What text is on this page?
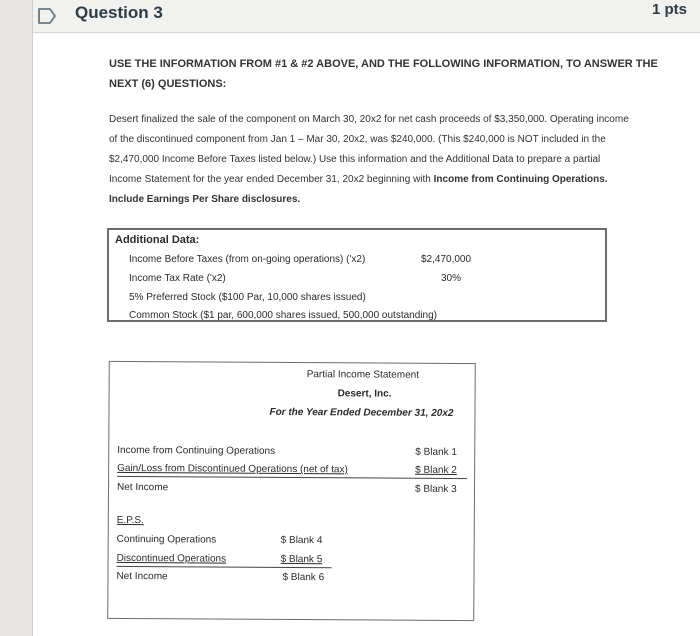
Question 3	1 pts
USE THE INFORMATION FROM #1 & #2 ABOVE, AND THE FOLLOWING INFORMATION, TO ANSWER THE NEXT (6) QUESTIONS:
Desert finalized the sale of the component on March 30, 20x2 for net cash proceeds of $3,350,000. Operating income
of the discontinued component from Jan 1 – Mar 30, 20x2, was $240,000. (This $240,000 is NOT included in the
$2,470,000 Income Before Taxes listed below.) Use this information and the Additional Data to prepare a partial
Income Statement for the year ended December 31, 20x2 beginning with Income from Continuing Operations.
Include Earnings Per Share disclosures.
Additional Data:
Income Before Taxes (from on-going operations) ('x2)	$2,470,000
Income Tax Rate ('x2)	30%
5% Preferred Stock ($100 Par, 10,000 shares issued)
Common Stock ($1 par, 600,000 shares issued, 500,000 outstanding)
Partial Income Statement
Desert, Inc.
For the Year Ended December 31, 20x2
Income from Continuing Operations	$ Blank 1
Gain/Loss from Discontinued Operations (net of tax)	$ Blank 2
Net Income	$ Blank 3
E.P.S.
Continuing Operations	$ Blank 4
Discontinued Operations	$ Blank 5
Net Income	$ Blank 6
